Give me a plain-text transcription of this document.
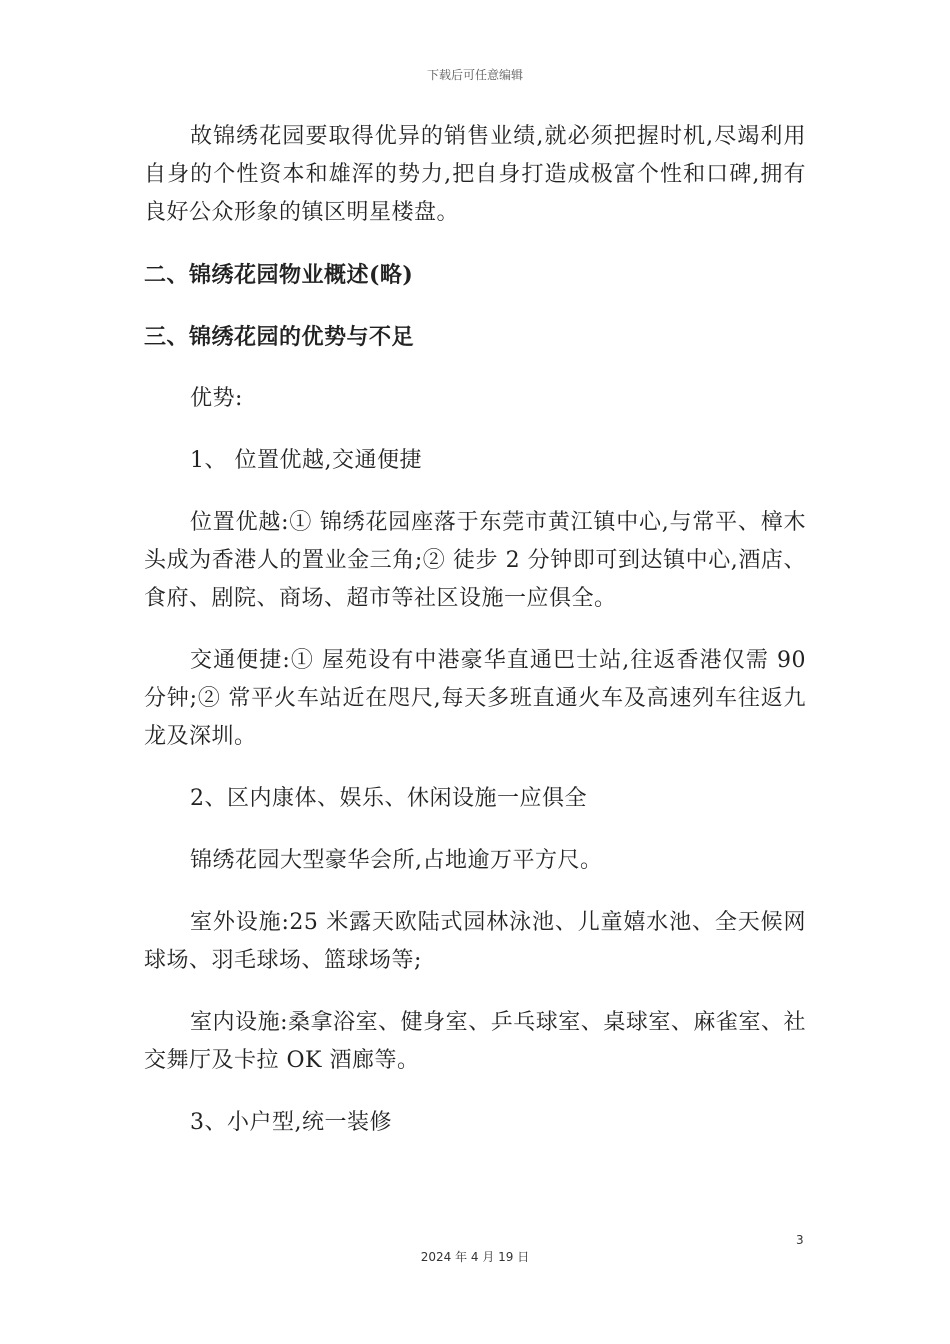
下载后可任意编辑

故锦绣花园要取得优异的销售业绩,就必须把握时机,尽竭利用自身的个性资本和雄浑的势力,把自身打造成极富个性和口碑,拥有良好公众形象的镇区明星楼盘。

二、锦绣花园物业概述(略)

三、锦绣花园的优势与不足

优势:

1、 位置优越,交通便捷

位置优越:① 锦绣花园座落于东莞市黄江镇中心,与常平、樟木头成为香港人的置业金三角;② 徒步 2 分钟即可到达镇中心,酒店、食府、剧院、商场、超市等社区设施一应俱全。

交通便捷:① 屋苑设有中港豪华直通巴士站,往返香港仅需 90 分钟;② 常平火车站近在咫尺,每天多班直通火车及高速列车往返九龙及深圳。

2、区内康体、娱乐、休闲设施一应俱全

锦绣花园大型豪华会所,占地逾万平方尺。

室外设施:25 米露天欧陆式园林泳池、儿童嬉水池、全天候网球场、羽毛球场、篮球场等;

室内设施:桑拿浴室、健身室、乒乓球室、桌球室、麻雀室、社交舞厅及卡拉 OK 酒廊等。

3、小户型,统一装修

3
2024 年 4 月 19 日
